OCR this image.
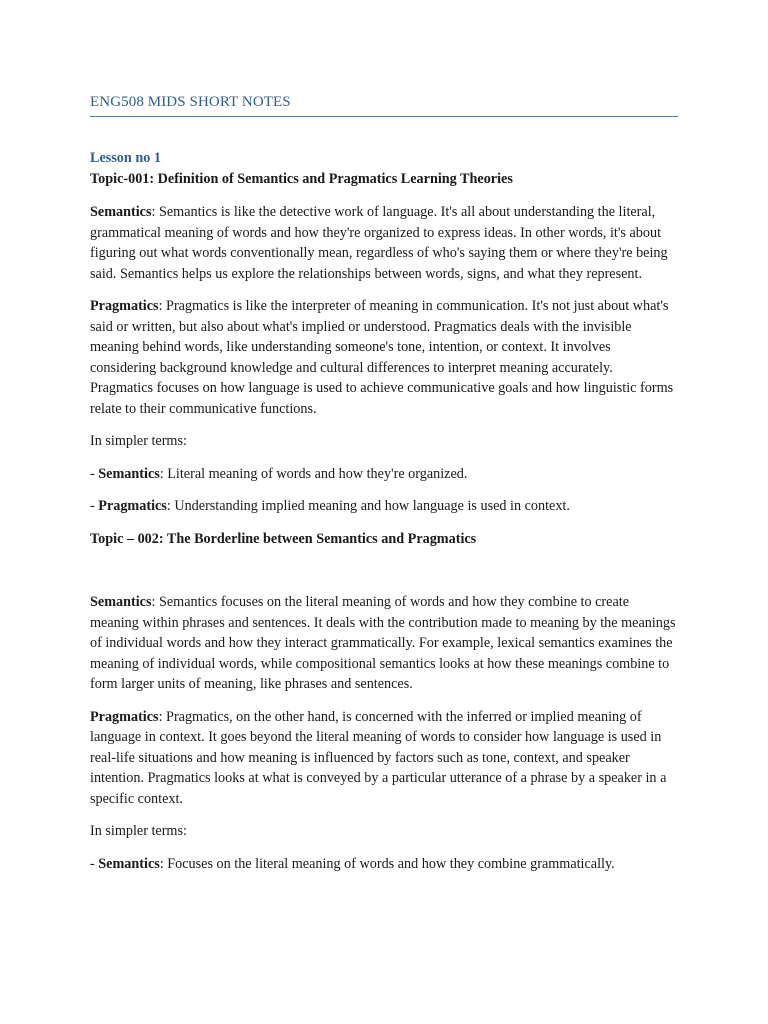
ENG508 MIDS SHORT NOTES
Lesson no 1
Topic-001: Definition of Semantics and Pragmatics Learning Theories

Semantics: Semantics is like the detective work of language. It's all about understanding the literal, grammatical meaning of words and how they're organized to express ideas. In other words, it's about figuring out what words conventionally mean, regardless of who's saying them or where they're being said. Semantics helps us explore the relationships between words, signs, and what they represent.

Pragmatics: Pragmatics is like the interpreter of meaning in communication. It's not just about what's said or written, but also about what's implied or understood. Pragmatics deals with the invisible meaning behind words, like understanding someone's tone, intention, or context. It involves considering background knowledge and cultural differences to interpret meaning accurately. Pragmatics focuses on how language is used to achieve communicative goals and how linguistic forms relate to their communicative functions.

In simpler terms:

- Semantics: Literal meaning of words and how they're organized.

- Pragmatics: Understanding implied meaning and how language is used in context.

Topic – 002: The Borderline between Semantics and Pragmatics

Semantics: Semantics focuses on the literal meaning of words and how they combine to create meaning within phrases and sentences. It deals with the contribution made to meaning by the meanings of individual words and how they interact grammatically. For example, lexical semantics examines the meaning of individual words, while compositional semantics looks at how these meanings combine to form larger units of meaning, like phrases and sentences.

Pragmatics: Pragmatics, on the other hand, is concerned with the inferred or implied meaning of language in context. It goes beyond the literal meaning of words to consider how language is used in real-life situations and how meaning is influenced by factors such as tone, context, and speaker intention. Pragmatics looks at what is conveyed by a particular utterance of a phrase by a speaker in a specific context.

In simpler terms:

- Semantics: Focuses on the literal meaning of words and how they combine grammatically.
